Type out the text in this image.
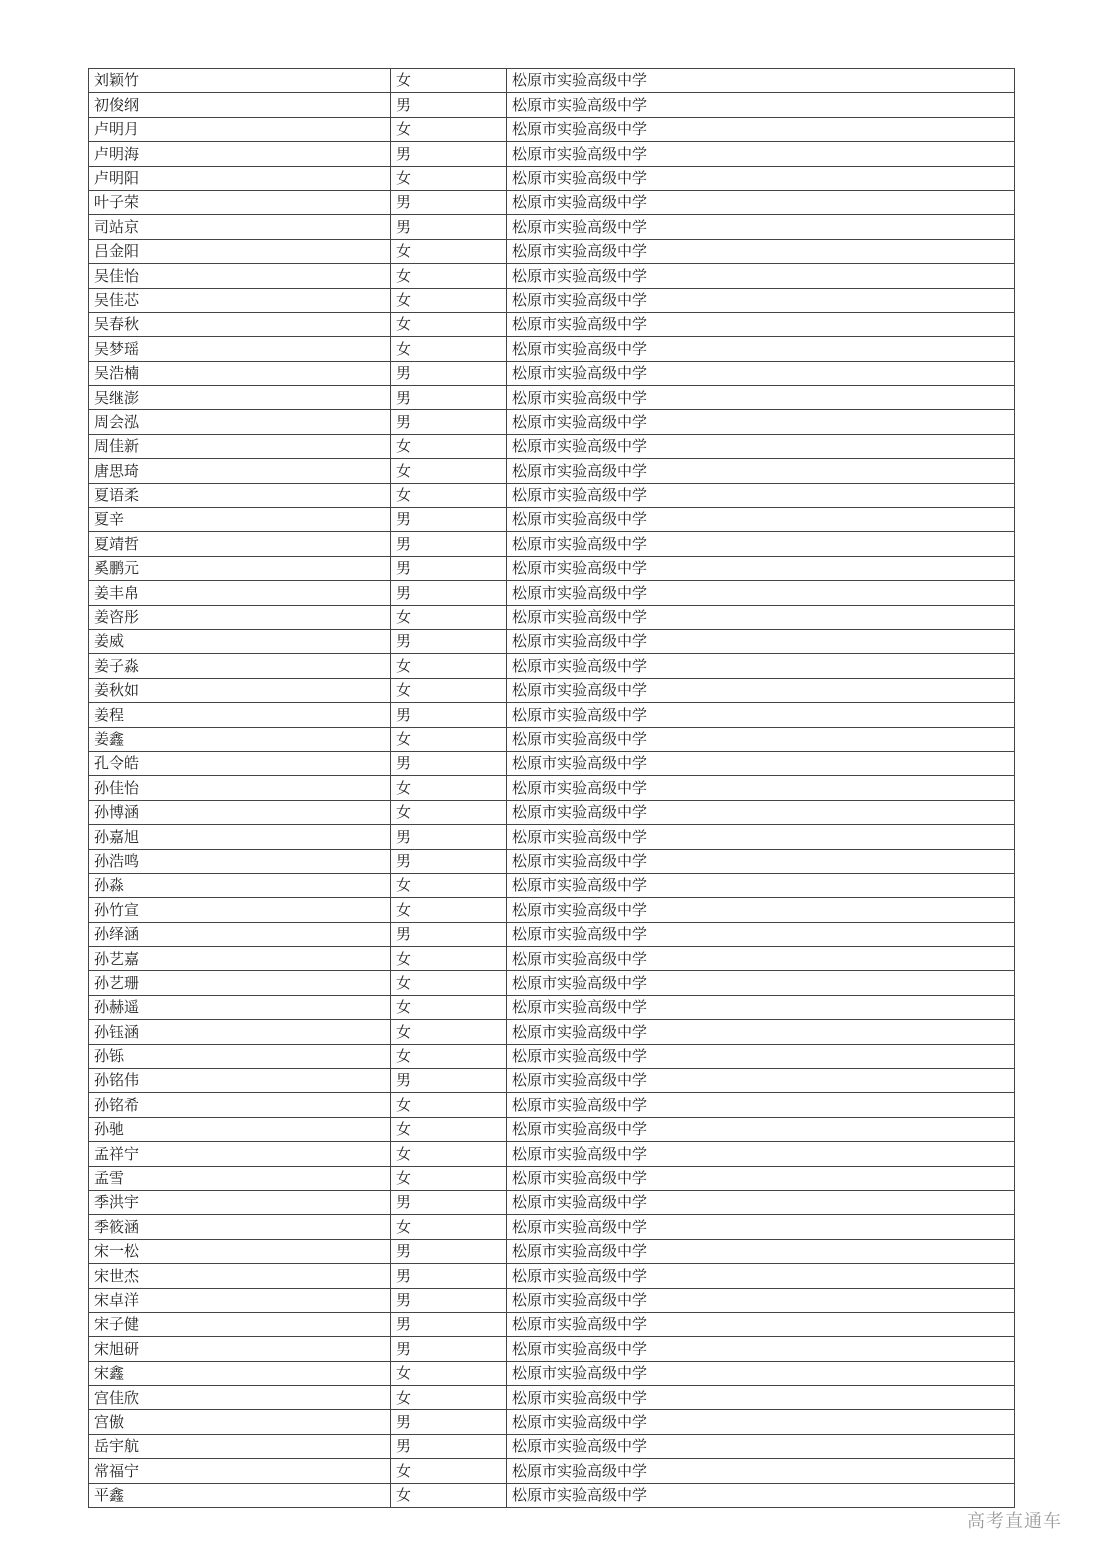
刘颖竹	女	松原市实验高级中学
初俊纲	男	松原市实验高级中学
卢明月	女	松原市实验高级中学
卢明海	男	松原市实验高级中学
卢明阳	女	松原市实验高级中学
叶子荣	男	松原市实验高级中学
司站京	男	松原市实验高级中学
吕金阳	女	松原市实验高级中学
吴佳怡	女	松原市实验高级中学
吴佳芯	女	松原市实验高级中学
吴春秋	女	松原市实验高级中学
吴梦瑶	女	松原市实验高级中学
吴浩楠	男	松原市实验高级中学
吴继澎	男	松原市实验高级中学
周会泓	男	松原市实验高级中学
周佳新	女	松原市实验高级中学
唐思琦	女	松原市实验高级中学
夏语柔	女	松原市实验高级中学
夏辛	男	松原市实验高级中学
夏靖哲	男	松原市实验高级中学
奚鹏元	男	松原市实验高级中学
姜丰帛	男	松原市实验高级中学
姜咨彤	女	松原市实验高级中学
姜威	男	松原市实验高级中学
姜子淼	女	松原市实验高级中学
姜秋如	女	松原市实验高级中学
姜程	男	松原市实验高级中学
姜鑫	女	松原市实验高级中学
孔令皓	男	松原市实验高级中学
孙佳怡	女	松原市实验高级中学
孙博涵	女	松原市实验高级中学
孙嘉旭	男	松原市实验高级中学
孙浩鸣	男	松原市实验高级中学
孙淼	女	松原市实验高级中学
孙竹宣	女	松原市实验高级中学
孙绎涵	男	松原市实验高级中学
孙艺嘉	女	松原市实验高级中学
孙艺珊	女	松原市实验高级中学
孙赫遥	女	松原市实验高级中学
孙钰涵	女	松原市实验高级中学
孙铄	女	松原市实验高级中学
孙铭伟	男	松原市实验高级中学
孙铭希	女	松原市实验高级中学
孙驰	女	松原市实验高级中学
孟祥宁	女	松原市实验高级中学
孟雪	女	松原市实验高级中学
季洪宇	男	松原市实验高级中学
季筱涵	女	松原市实验高级中学
宋一松	男	松原市实验高级中学
宋世杰	男	松原市实验高级中学
宋卓洋	男	松原市实验高级中学
宋子健	男	松原市实验高级中学
宋旭研	男	松原市实验高级中学
宋鑫	女	松原市实验高级中学
宫佳欣	女	松原市实验高级中学
宫傲	男	松原市实验高级中学
岳宇航	男	松原市实验高级中学
常福宁	女	松原市实验高级中学
平鑫	女	松原市实验高级中学
高考直通车
